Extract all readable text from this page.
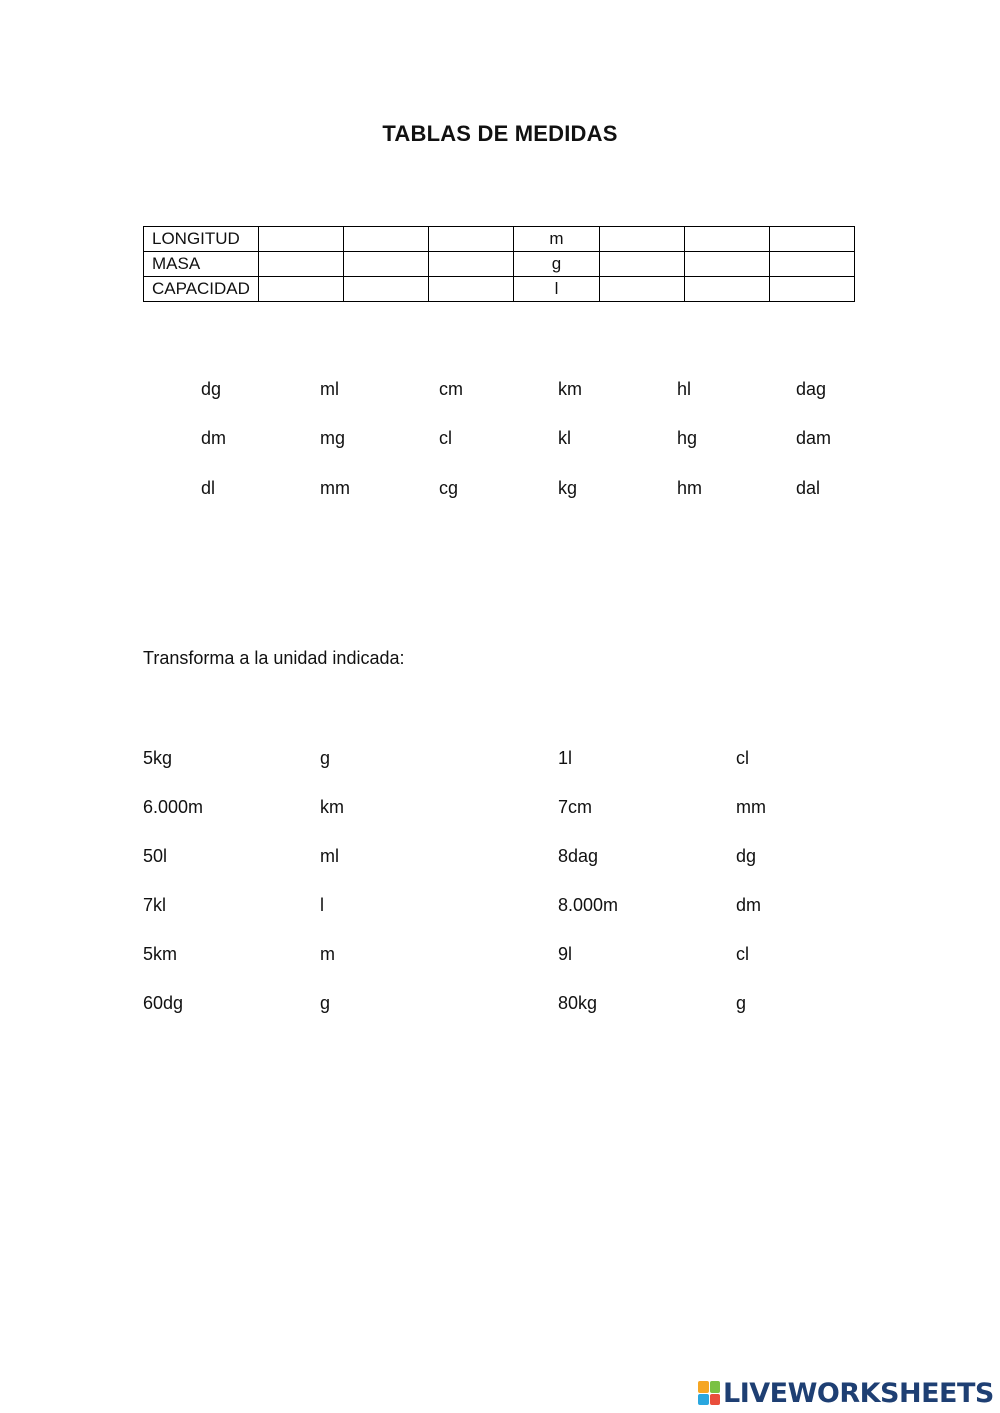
TABLAS DE MEDIDAS
LONGITUD				m			
MASA				g			
CAPACIDAD				l			
dg	ml	cm	km	hl	dag
dm	mg	cl	kl	hg	dam
dl	mm	cg	kg	hm	dal
Transforma a la unidad indicada:
5kg	g	1l	cl
6.000m	km	7cm	mm
50l	ml	8dag	dg
7kl	l	8.000m	dm
5km	m	9l	cl
60dg	g	80kg	g
LIVEWORKSHEETS
